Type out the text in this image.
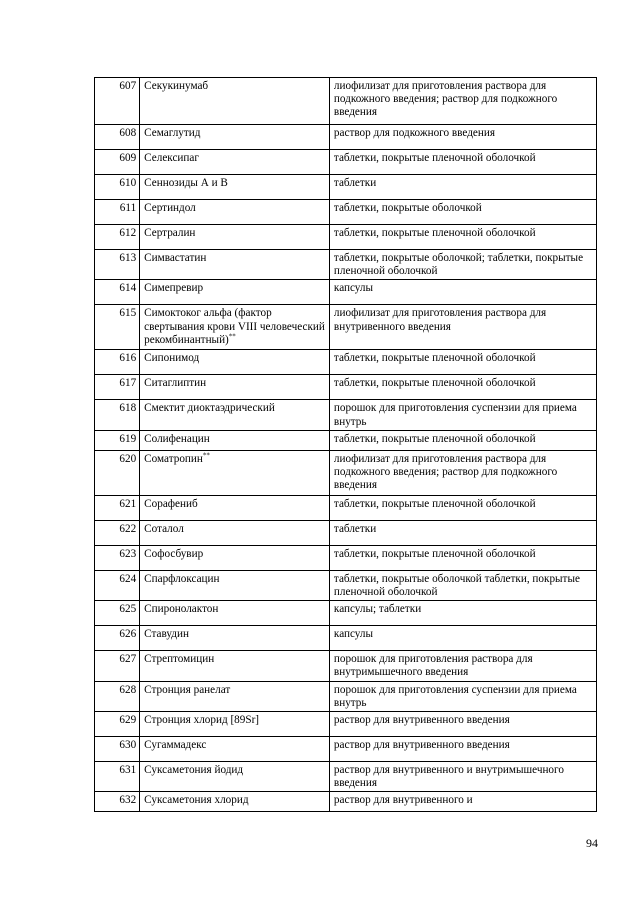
607	Секукинумаб	лиофилизат для приготовления раствора для подкожного введения; раствор для подкожного введения
608	Семаглутид	раствор для подкожного введения
609	Селексипаг	таблетки, покрытые пленочной оболочкой
610	Сеннозиды А и В	таблетки
611	Сертиндол	таблетки, покрытые оболочкой
612	Сертралин	таблетки, покрытые пленочной оболочкой
613	Симвастатин	таблетки, покрытые оболочкой; таблетки, покрытые пленочной оболочкой
614	Симепревир	капсулы
615	Симоктоког альфа (фактор свертывания крови VIII человеческий рекомбинантный)**	лиофилизат для приготовления раствора для внутривенного введения
616	Сипонимод	таблетки, покрытые пленочной оболочкой
617	Ситаглиптин	таблетки, покрытые пленочной оболочкой
618	Смектит диоктаэдрический	порошок для приготовления суспензии для приема внутрь
619	Солифенацин	таблетки, покрытые пленочной оболочкой
620	Соматропин**	лиофилизат для приготовления раствора для подкожного введения; раствор для подкожного введения
621	Сорафениб	таблетки, покрытые пленочной оболочкой
622	Соталол	таблетки
623	Софосбувир	таблетки, покрытые пленочной оболочкой
624	Спарфлоксацин	таблетки, покрытые оболочкой таблетки, покрытые пленочной оболочкой
625	Спиронолактон	капсулы; таблетки
626	Ставудин	капсулы
627	Стрептомицин	порошок для приготовления раствора для внутримышечного введения
628	Стронция ранелат	порошок для приготовления суспензии для приема внутрь
629	Стронция хлорид [89Sr]	раствор для внутривенного введения
630	Сугаммадекс	раствор для внутривенного введения
631	Суксаметония йодид	раствор для внутривенного и внутримышечного введения
632	Суксаметония хлорид	раствор для внутривенного и
94
